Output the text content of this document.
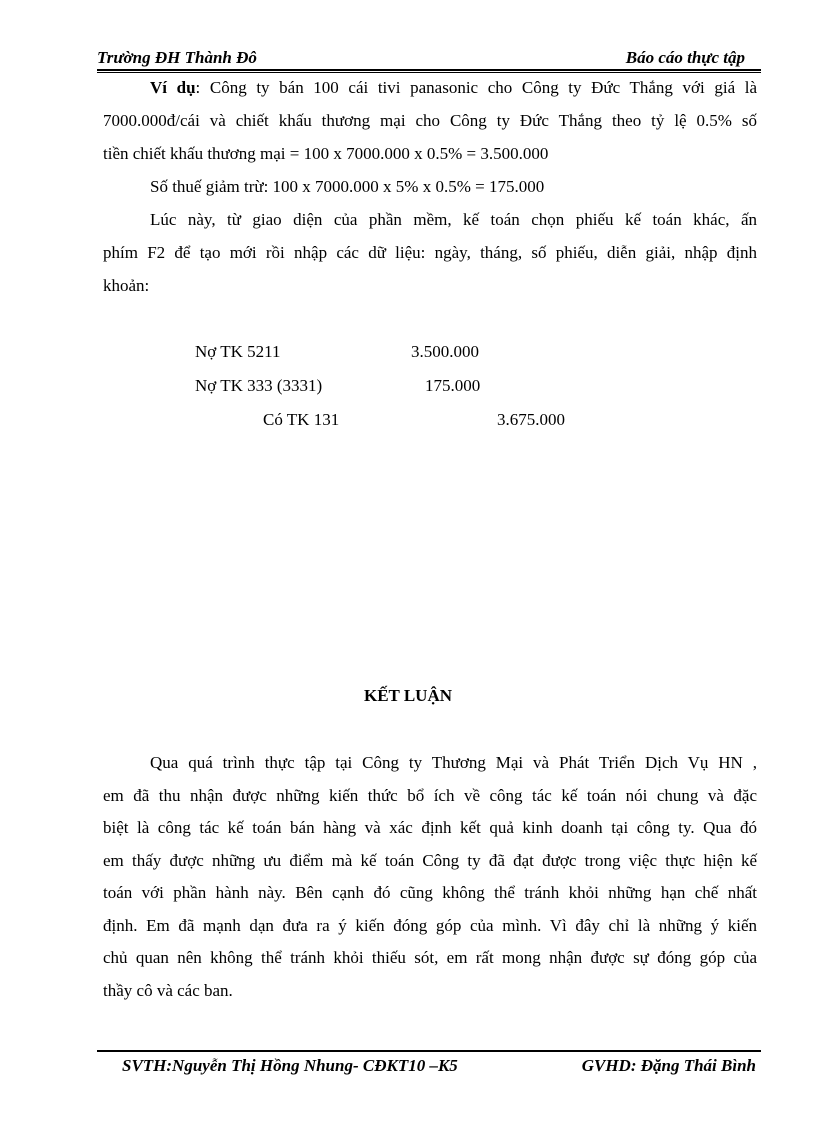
Trường ĐH Thành Đô	Báo cáo thực tập
Ví dụ: Công ty bán 100 cái tivi panasonic cho Công ty Đức Thắng với giá là
7000.000đ/cái và chiết khấu thương mại cho Công ty Đức Thắng theo tỷ lệ 0.5% số
tiền chiết khấu thương mại = 100 x 7000.000 x 0.5% = 3.500.000
Số thuế giảm trừ: 100 x 7000.000 x 5% x 0.5% = 175.000
Lúc này, từ giao diện của phần mềm, kế toán chọn phiếu kế toán khác, ấn
phím F2 để tạo mới rồi nhập các dữ liệu: ngày, tháng, số phiếu, diễn giải, nhập định
khoản:
Nợ TK 5211	3.500.000
Nợ TK 333 (3331)	175.000
Có TK 131	3.675.000
KẾT LUẬN
Qua quá trình thực tập tại Công ty Thương Mại và Phát Triển Dịch Vụ HN ,
em đã thu nhận được những kiến thức bổ ích về công tác kế toán nói chung và đặc
biệt là công tác kế toán bán hàng và xác định kết quả kinh doanh tại công ty. Qua đó
em thấy được những ưu điểm mà kế toán Công ty đã đạt được trong việc thực hiện kế
toán với phần hành này. Bên cạnh đó cũng không thể tránh khỏi những hạn chế nhất
định. Em đã mạnh dạn đưa ra ý kiến đóng góp của mình. Vì đây chỉ là những ý kiến
chủ quan nên không thể tránh khỏi thiếu sót, em rất mong nhận được sự đóng góp của
thầy cô và các ban.
SVTH:Nguyễn Thị Hồng Nhung- CĐKT10 –K5	GVHD: Đặng Thái Bình
